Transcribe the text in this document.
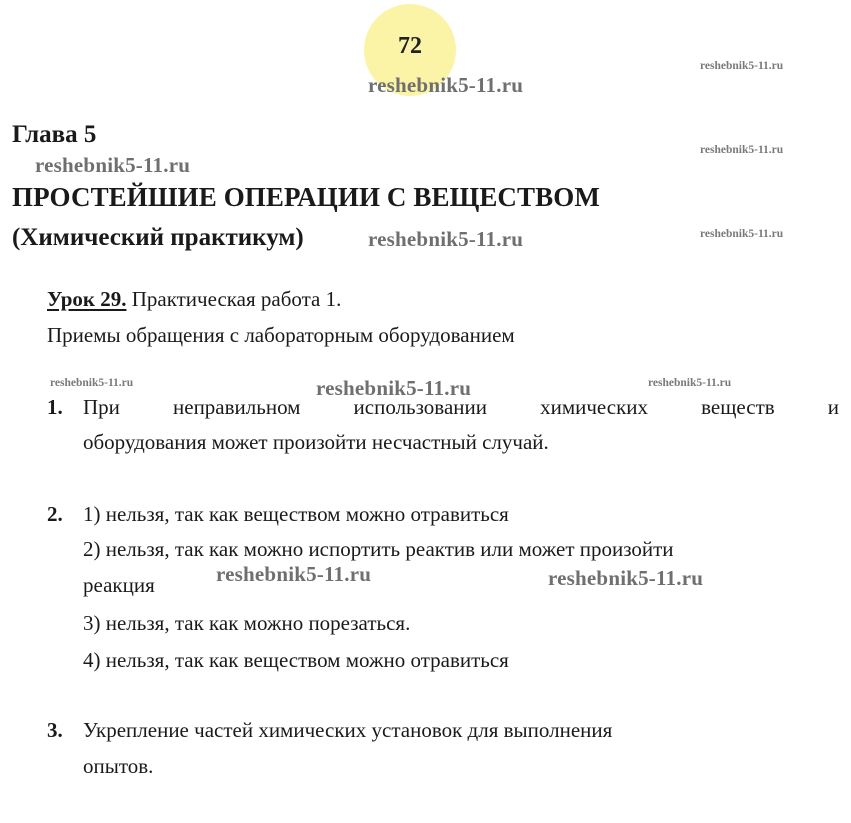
72
reshebnik5-11.ru
reshebnik5-11.ru
reshebnik5-11.ru
reshebnik5-11.ru
reshebnik5-11.ru	reshebnik5-11.ru
reshebnik5-11.ru	reshebnik5-11.ru	reshebnik5-11.ru
reshebnik5-11.ru	reshebnik5-11.ru
Глава 5
ПРОСТЕЙШИЕ ОПЕРАЦИИ С ВЕЩЕСТВОМ
(Химический практикум)
Урок 29. Практическая работа 1.
Приемы обращения с лабораторным оборудованием
1. При неправильном использовании химических веществ и
оборудования может произойти несчастный случай.
2. 1) нельзя, так как веществом можно отравиться
2) нельзя, так как можно испортить реактив или может произойти
реакция
3) нельзя, так как можно порезаться.
4) нельзя, так как веществом можно отравиться
3. Укрепление частей химических установок для выполнения
опытов.
